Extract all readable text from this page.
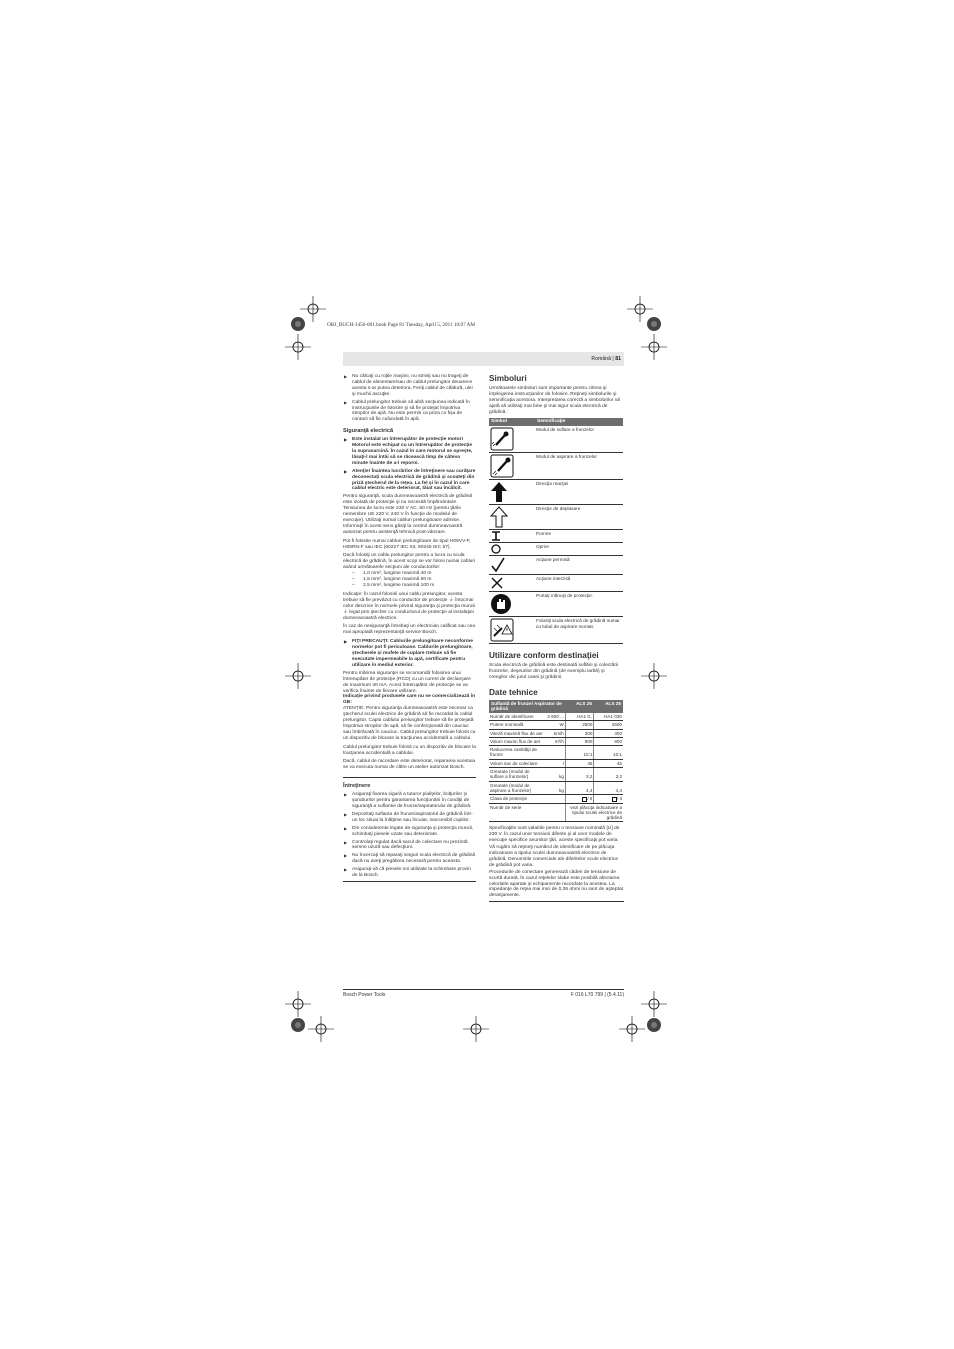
OBJ_BUCH-1456-001.book Page 81 Tuesday, April 5, 2011 10:07 AM
Română | 81
▶ Nu călcaţi cu roţile maşinii, nu striviţi sau nu trageţi de cablul de alimentare/sau de cablul prelungitor deoarece acesta s-ar putea deteriora. Feriţi cablul de căldură, ulei şi muchii ascuţite.
▶ Cablul prelungitor trebuie să aibă secţiunea indicată în instrucţiunile de folosire şi să fie protejat împotriva stropilor de apă. Nu este permis ca priza cu fişa de contact să fie cufundată în apă.
Siguranţă electrică
▶ Este instalat un întrerupător de protecţie motor! Motorul este echipat cu un întrerupător de protecţie la suprasarcină. În cazul în care motorul se opreşte, lăsaţi-l mai întâi să se răcească timp de câteva minute înainte de a-l reporni.
▶ Atenţie! Înaintea lucrărilor de întreţinere sau curăţare deconectaţi scula electrică de grădină şi scoateţi din priză ştecherul de la reţea. La fel şi în cazul în care cablul electric este deteriorat, tăiat sau încâlcit.
Pentru siguranţă, scula dumneavoastră electrică de grădină este izolată de protecţie şi nu necesită împământare. Tensiunea de lucru este 230 V AC, 50 Hz (pentru ţările nemembre UE 220 V, 240 V în funcţie de modelul de execuţie). Utilizaţi numai cabluri prelungitoare admise. Informaţii în acest sens găsiţi la centrul dumneavoastră autorizat pentru asistenţă tehnică post-vânzare.
Pot fi folosite numai cabluri prelungitoare de tipul H05VV-F, H05RN-F sau IEC (60227 IEC 53, 60245 IEC 57).
Dacă folosiţi un cablu prelungitor pentru a lucra cu scula electrică de grădină, în acest scop se vor folosi numai cabluri având următoarele secţiuni ale conductorilor:
– 1,0 mm², lungime maximă 40 m
– 1,5 mm², lungime maximă 60 m
– 2,5 mm², lungime maximă 100 m
Indicaţie: În cazul folosirii unui cablu prelungitor, acesta trebuie să fie prevăzut cu conductor de protecţie ⏚ întocmai celor descrise în normele privind siguranţa şi protecţia muncii ⏚ legat prin ştecher cu conductorul de protecţie al instalaţiei dumneavoastră electrice.
În caz de nesiguranţă întrebaţi un electrician calificat sau cea mai apropiată reprezentanţă service Bosch.
▶ FIŢI PRECAUŢI: Cablurile prelungitoare neconforme normelor pot fi periculoase. Cablurile prelungitoare, ştecherele şi mufele de cuplare trebuie să fie executate impermeabile la apă, certificate pentru utilizare în mediul exterior.
Pentru mărirea siguranţei se recomandă folosirea unui întrerupător de protecţie (RCD) cu un curent de declanşare de maximum 30 mA. Acest întrerupător de protecţie se va verifica înainte de fiecare utilizare.
Indicaţie privind produsele care nu se comercializează în GB:
ATENŢIE: Pentru siguranţa dumneavoastră este necesar ca ştecherul sculei electrice de grădină să fie racordat la cablul prelungitor. Capla cablului prelungitor trebuie să fie protejată împotriva stropilor de apă, să fie confecţionată din cauciuc sau îmbrăcată în cauciuc. Cablul prelungitor trebuie folosit cu un dispozitiv de blocare la tracţiunea accidentală a cablului.
Cablul prelungitor trebuie folosit cu un dispozitiv de blocare la tracţiunea accidentală a cablului.
Dacă, cablul de racordare este deteriorat, repararea acestuia se va executa numai de către un atelier autorizat Bosch.
Întreţinere
▶ Asiguraţi fixarea sigură a tuturor piuliţelor, bolţurilor şi şuruburilor pentru garantarea funcţionării în condiţii de siguranţă a suflantei de frunze/aspiratorului de grădină.
▶ Depozitaţi suflanta de frunze/aspiratorul de grădină într-un loc situat la înălţime sau încuiat, inaccesibil copiilor.
▶ Din considerente legate de siguranţa şi protecţia muncii, schimbaţi piesele uzate sau deteriorate.
▶ Controlaţi regulat dacă sacul de colectare nu prezintă semne uzură sau defecţiuni.
▶ Nu încercaţi să reparaţi singuri scula electrică de grădină dacă nu aveţi pregătirea necesară pentru aceasta.
▶ Asiguraţi-vă că piesele noi utilizate la schimbare provin de la Bosch.
Simboluri
Următoarele simboluri sunt importante pentru citirea şi înţelegerea instrucţiunilor de folosire. Reţineţi simbolurile şi semnificaţia acestora. Interpretarea corectă a simbolurilor vă ajută să utilizaţi mai bine şi mai sigur scula electrică de grădină.
Simbol	Semnificaţie

	Modul de suflare a frunzelor

	Modul de aspirare a frunzelor

	Direcţia reacţiei

	Direcţie de deplasare

	Pornire

	Oprire

	Acţiune permisă

	Acţiune interzisă

	Purtaţi mănuşi de protecţie.

	Folosiţi scula electrică de grădină numai cu tubul de aspirare montat.
Utilizare conform destinaţiei
Scula electrică de grădină este destinată suflării şi colectării frunzelor, deşeurilor din grădină (de exemplu iarbă) şi crengilor din jurul casei şi grădinii.
Date tehnice
Suflantă de frunze/ Aspirator de grădină		ALS 25	ALS 25
Număr de identificare	3 600 ...	HA1 0..	HA1 030
Putere nominală	W	2500	2500
Viteză maximă flux de aer	km/h	300	300
Volum maxim flux de aer	m³/h	800	800
Reducerea cantităţii de frunze		10:1	10:1
Volum sac de colectare	l	45	45
Greutate (modul de suflare a frunzelor)	kg	3,2	3,2
Greutate (modul de aspirare a frunzelor)	kg	4,4	4,4
Clasa de protecţie		/ II	/ II
Număr de serie		vezi plăcuţa indicatoare a tipului sculei electrice de grădină	
Specificaţiile sunt valabile pentru o tensiune nominală [U] de 230 V. În cazul unor tensiuni diferite şi al unor modele de execuţie specifice anumitor ţări, aceste specificaţii pot varia.
Vă rugăm să reţineţi numărul de identificare de pe plăcuţa indicatoare a tipului sculei dumneavoastră electrice de grădină. Denumirile comerciale ale diferitelor scule electrice de grădină pot varia.
Procedurile de conectare generează căderi de tensiune de scurtă durată. În cazul reţelelor slabe este posibilă afectarea celorlalte aparate şi echipamente racordate la acestea. La impedanţe de reţea mai mici de 0,36 ohmi nu sunt de aşteptat deranjamente.
Bosch Power Tools	F 016 L70 799 | (5.4.11)
